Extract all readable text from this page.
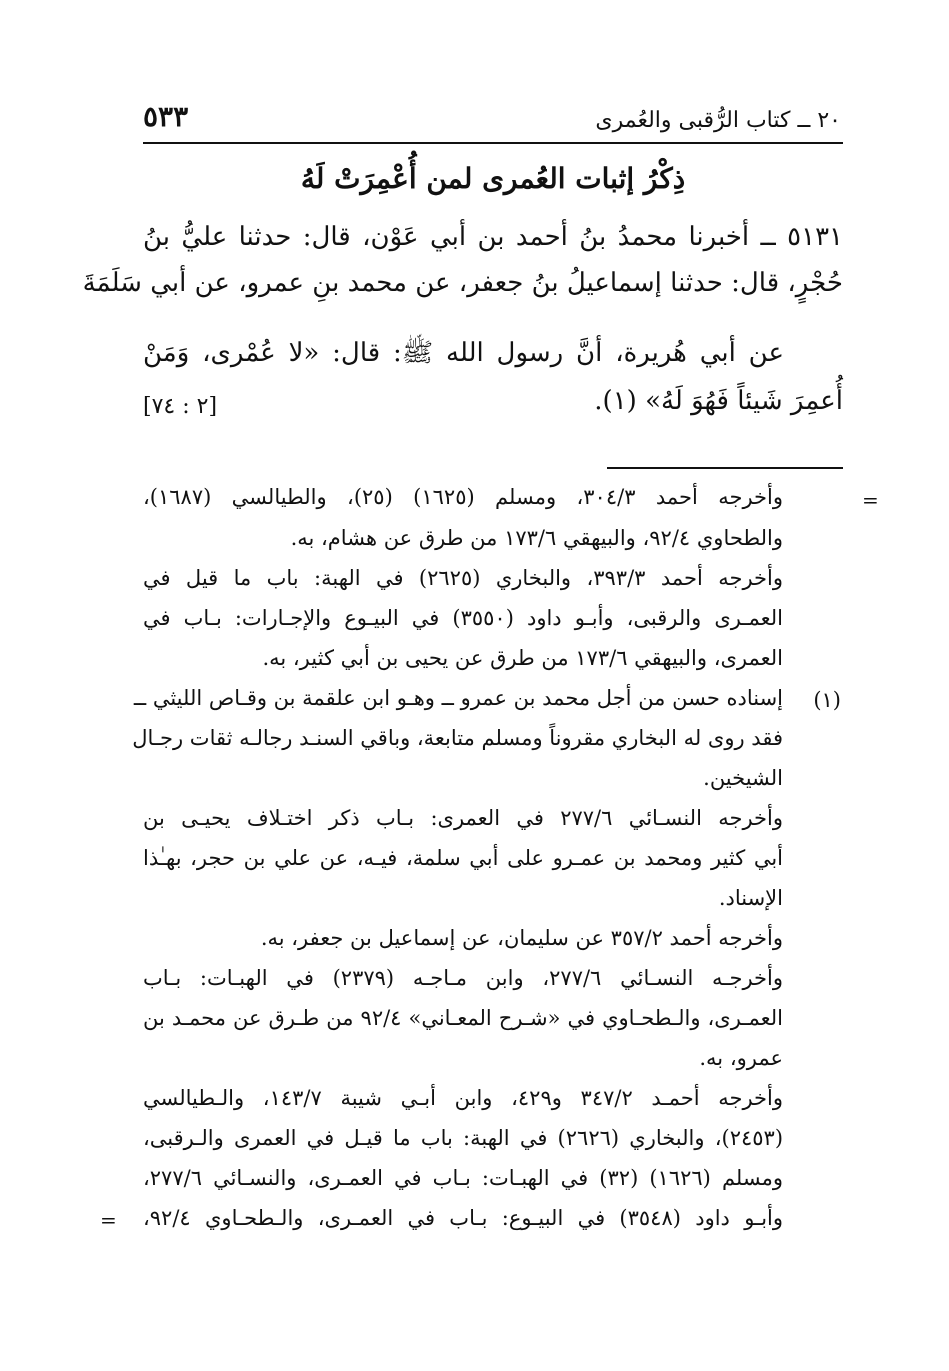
٢٠ ــ كتاب الرُّقبى والعُمرى
٥٣٣
ذِكْرُ إثبات العُمرى لمن أُعْمِرَتْ لَهُ
٥١٣١ ــ أخبرنا محمدُ بنُ أحمد بن أبي عَوْن، قال: حدثنا عليُّ بنُ
حُجْرٍ، قال: حدثنا إسماعيلُ بنُ جعفر، عن محمد بنِ عمرو، عن أبي سَلَمَةَ
عن أبي هُريرة، أنَّ رسول الله ﷺ: قال: «لا عُمْرى، وَمَنْ
أُعمِرَ شَيئاً فَهُوَ لَهُ» (١).
[٢ : ٧٤]
=
وأخرجه أحمد ٣٠٤/٣، ومسلم (١٦٢٥) (٢٥)، والطيالسي (١٦٨٧)،
والطحاوي ٩٢/٤، والبيهقي ١٧٣/٦ من طرق عن هشام، به.
وأخرجه أحمد ٣٩٣/٣، والبخاري (٢٦٢٥) في الهبة: باب ما قيل في
العمـرى والرقبى، وأبـو داود (٣٥٥٠) في البيـوع والإجـارات: بـاب في
العمرى، والبيهقي ١٧٣/٦ من طرق عن يحيى بن أبي كثير، به.
(١)
إسناده حسن من أجل محمد بن عمرو ــ وهـو ابن علقمة بن وقـاص الليثي ــ
فقد روى له البخاري مقروناً ومسلم متابعة، وباقي السنـد رجالـه ثقات رجـال
الشيخين.
وأخرجه النسـائي ٢٧٧/٦ في العمرى: بـاب ذكر اختـلاف يحيـى بن
أبي كثير ومحمد بن عمـرو على أبي سلمة، فيـه، عن علي بن حجر، بهـٰذا
الإسناد.
وأخرجه أحمد ٣٥٧/٢ عن سليمان، عن إسماعيل بن جعفر، به.
وأخرجـه النسـائي ٢٧٧/٦، وابن مـاجـه (٢٣٧٩) في الهبـات: بـاب
العمـرى، والـطحـاوي في «شـرح المعـاني» ٩٢/٤ من طـرق عن محمـد بن
عمرو، به.
وأخرجه أحمـد ٣٤٧/٢ و٤٢٩، وابن أبـي شيبة ١٤٣/٧، والـطيالسي
(٢٤٥٣)، والبخاري (٢٦٢٦) في الهبة: باب ما قيـل في العمرى والـرقبى،
ومسلم (١٦٢٦) (٣٢) في الهبـات: بـاب في العمـرى، والنسـائي ٢٧٧/٦،
وأبـو داود (٣٥٤٨) في البيـوع: بـاب في العمـرى، والـطحـاوي ٩٢/٤،
=
